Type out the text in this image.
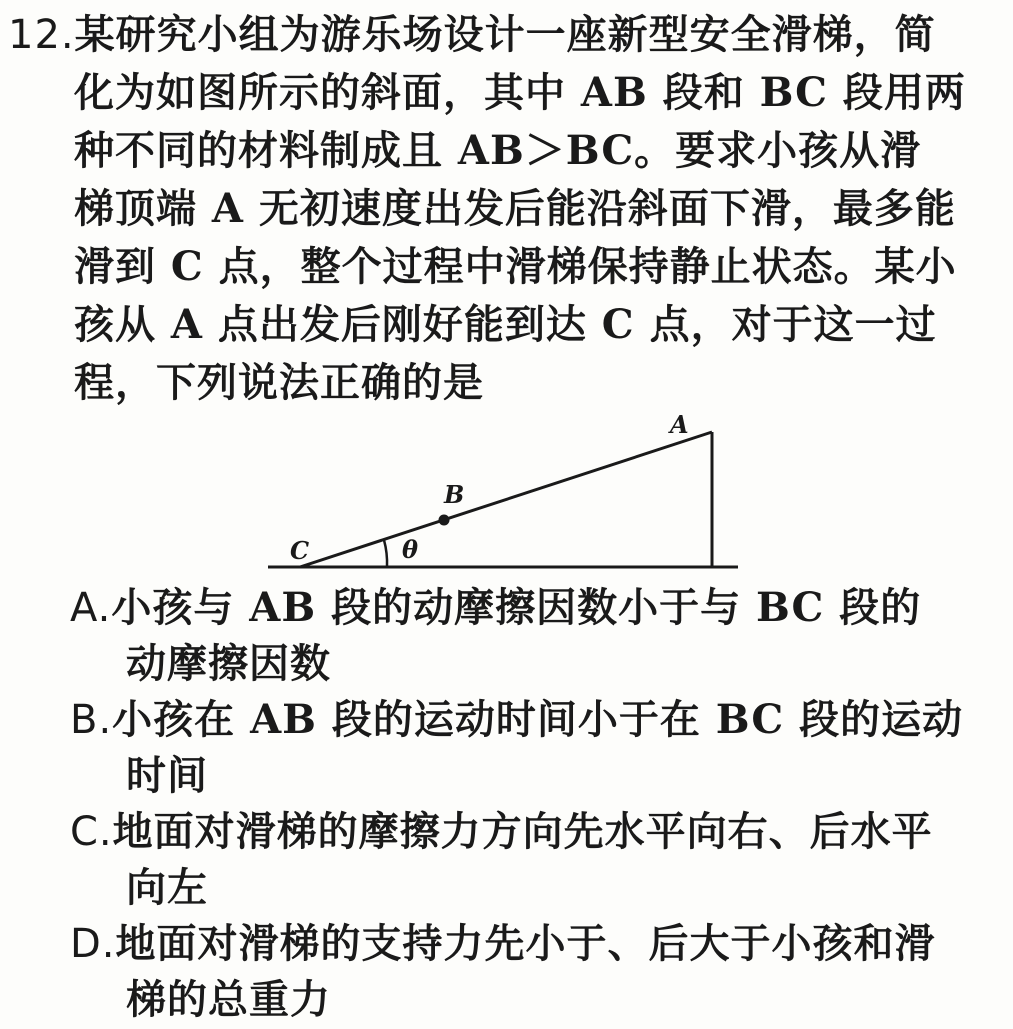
12.某研究小组为游乐场设计一座新型安全滑梯，简
化为如图所示的斜面，其中 AB 段和 BC 段用两
种不同的材料制成且 AB＞BC。要求小孩从滑
梯顶端 A 无初速度出发后能沿斜面下滑，最多能
滑到 C 点，整个过程中滑梯保持静止状态。某小
孩从 A 点出发后刚好能到达 C 点，对于这一过
程，下列说法正确的是
A
B
C	θ
A.小孩与 AB 段的动摩擦因数小于与 BC 段的
动摩擦因数
B.小孩在 AB 段的运动时间小于在 BC 段的运动
时间
C.地面对滑梯的摩擦力方向先水平向右、后水平
向左
D.地面对滑梯的支持力先小于、后大于小孩和滑
梯的总重力
